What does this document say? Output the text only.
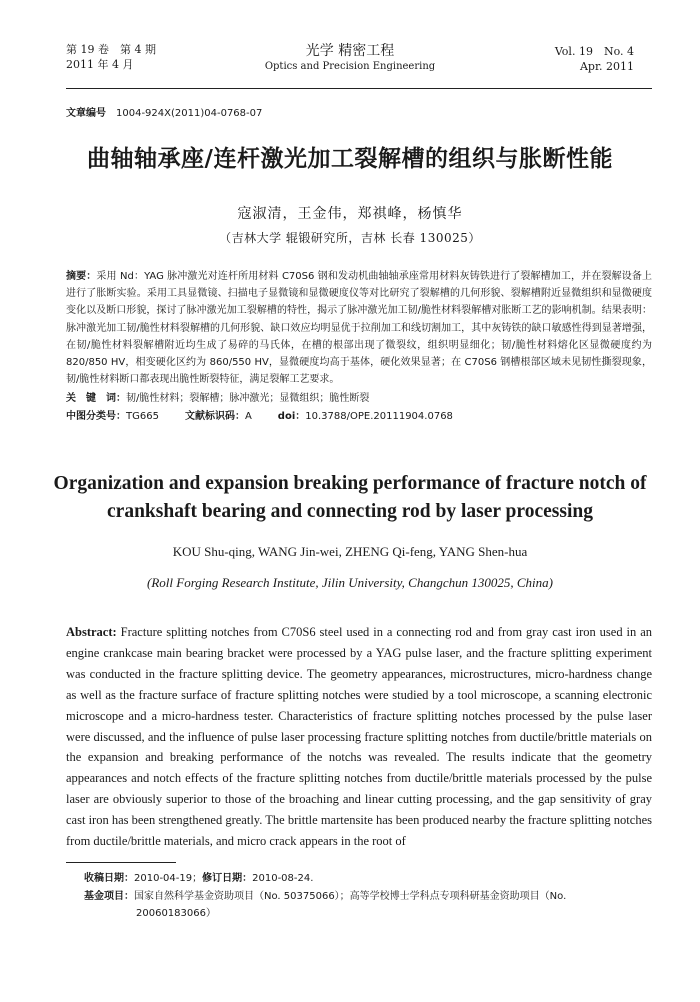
第 19 卷　第 4 期
2011 年 4 月
光学 精密工程
Optics and Precision Engineering
Vol. 19　No. 4
Apr. 2011
文章编号 1004-924X(2011)04-0768-07
曲轴轴承座/连杆激光加工裂解槽的组织与胀断性能
寇淑清，王金伟，郑祺峰，杨慎华
（吉林大学 辊锻研究所，吉林 长春 130025）
摘要：采用 Nd：YAG 脉冲激光对连杆所用材料 C70S6 钢和发动机曲轴轴承座常用材料灰铸铁进行了裂解槽加工，并在裂解设备上进行了胀断实验。采用工具显微镜、扫描电子显微镜和显微硬度仪等对比研究了裂解槽的几何形貌、裂解槽附近显微组织和显微硬度变化以及断口形貌，探讨了脉冲激光加工裂解槽的特性，揭示了脉冲激光加工韧/脆性材料裂解槽对胀断工艺的影响机制。结果表明：脉冲激光加工韧/脆性材料裂解槽的几何形貌、缺口效应均明显优于拉削加工和线切割加工，其中灰铸铁的缺口敏感性得到显著增强，在韧/脆性材料裂解槽附近均生成了易碎的马氏体，在槽的根部出现了微裂纹，组织明显细化；韧/脆性材料熔化区显微硬度约为 820/850 HV，相变硬化区约为 860/550 HV，显微硬度均高于基体，硬化效果显著；在 C70S6 钢槽根部区域未见韧性撕裂现象，韧/脆性材料断口都表现出脆性断裂特征，满足裂解工艺要求。
关　键　词：韧/脆性材料；裂解槽；脉冲激光；显微组织；脆性断裂
中图分类号：TG665	文献标识码：A	doi：10.3788/OPE.20111904.0768
Organization and expansion breaking performance of fracture notch of crankshaft bearing and connecting rod by laser processing
KOU Shu-qing, WANG Jin-wei, ZHENG Qi-feng, YANG Shen-hua
(Roll Forging Research Institute, Jilin University, Changchun 130025, China)
Abstract: Fracture splitting notches from C70S6 steel used in a connecting rod and from gray cast iron used in an engine crankcase main bearing bracket were processed by a YAG pulse laser, and the fracture splitting experiment was conducted in the fracture splitting device. The geometry appearances, microstructures, micro-hardness change as well as the fracture surface of fracture splitting notches were studied by a tool microscope, a scanning electronic microscope and a micro-hardness tester. Characteristics of fracture splitting notches processed by the pulse laser were discussed, and the influence of pulse laser processing fracture splitting notches from ductile/brittle materials on the expansion and breaking performance of the notchs was revealed. The results indicate that the geometry appearances and notch effects of the fracture splitting notches from ductile/brittle materials processed by the pulse laser are obviously superior to those of the broaching and linear cutting processing, and the gap sensitivity of gray cast iron has been strengthened greatly. The brittle martensite has been produced nearby the fracture splitting notches from ductile/brittle materials, and micro crack appears in the root of
收稿日期：2010-04-19；修订日期：2010-08-24.
基金项目：国家自然科学基金资助项目（No. 50375066）；高等学校博士学科点专项科研基金资助项目（No.
20060183066）
